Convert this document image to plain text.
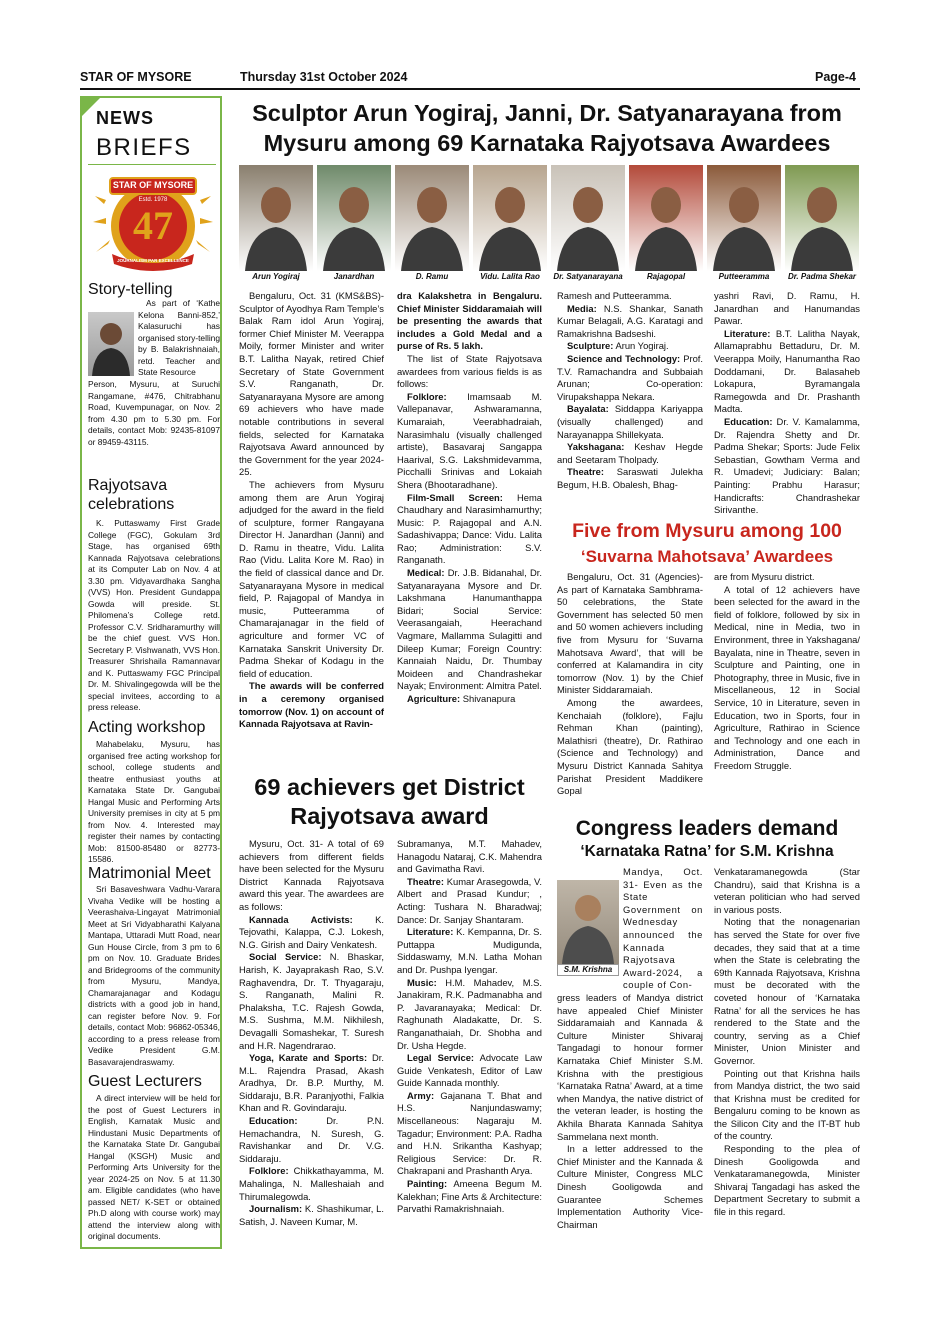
STAR OF MYSORE	Thursday 31st October 2024	Page-4
NEWS
BRIEFS
STAR OF MYSORE
Estd. 1978
47
JOURNALISM PAR EXCELLENCE
Story-telling
As part of ‘Kathe Kelona Banni-852,’ Kalasuruchi has organised story-telling by B. Balakrishnaiah, retd. Teacher and State Resource
Person, Mysuru, at Suruchi Rangamane, #476, Chitrabhanu Road, Kuvempunagar, on Nov. 2 from 4.30 pm to 5.30 pm. For details, contact Mob: 92435-81097 or 89459-43115.
Rajyotsava celebrations
K. Puttaswamy First Grade College (FGC), Gokulam 3rd Stage, has organised 69th Kannada Rajyotsava celebrations at its Computer Lab on Nov. 4 at 3.30 pm. Vidyavardhaka Sangha (VVS) Hon. President Gundappa Gowda will preside. St. Philomena’s College retd. Professor C.V. Sridharamurthy will be the chief guest. VVS Hon. Secretary P. Vishwanath, VVS Hon. Treasurer Shrishaila Ramannavar and K. Puttaswamy FGC Principal Dr. M. Shivalingegowda will be the special invitees, according to a press release.
Acting workshop
Mahabelaku, Mysuru, has organised free acting workshop for school, college students and theatre enthusiast youths at Karnataka State Dr. Gangubai Hangal Music and Performing Arts University premises in city at 5 pm from Nov. 4. Interested may register their names by contacting Mob: 81500-85480 or 82773-15586.
Matrimonial Meet
Sri Basaveshwara Vadhu-Varara Vivaha Vedike will be hosting a Veerashaiva-Lingayat Matrimonial Meet at Sri Vidyabharathi Kalyana Mantapa, Uttaradi Mutt Road, near Gun House Circle, from 3 pm to 6 pm on Nov. 10. Graduate Brides and Bridegrooms of the community from Mysuru, Mandya, Chamarajanagar and Kodagu districts with a good job in hand, can register before Nov. 9. For details, contact Mob: 96862-05346, according to a press release from Vedike President G.M. Basavarajendraswamy.
Guest Lecturers
A direct interview will be held for the post of Guest Lecturers in English, Karnatak Music and Hindustani Music Departments of the Karnataka State Dr. Gangubai Hangal (KSGH) Music and Performing Arts University for the year 2024-25 on Nov. 5 at 11.30 am. Eligible candidates (who have passed NET/ K-SET or obtained Ph.D along with course work) may attend the interview along with original documents.
Sculptor Arun Yogiraj, Janni, Dr. Satyanarayana from
Mysuru among 69 Karnataka Rajyotsava Awardees
Arun Yogiraj	Janardhan	D. Ramu	Vidu. Lalita Rao	Dr. Satyanarayana	Rajagopal	Putteeramma	Dr. Padma Shekar

Bengaluru, Oct. 31 (KMS&BS)- Sculptor of Ayodhya Ram Temple’s Balak Ram idol Arun Yogiraj, former Chief Minister M. Veerappa Moily, former Minister and writer B.T. Lalitha Nayak, retired Chief Secretary of State Government S.V. Ranganath, Dr. Satyanarayana Mysore are among 69 achievers who have made notable contributions in several fields, selected for Karnataka Rajyotsava Award announced by the Government for the year 2024-25.

The achievers from Mysuru among them are Arun Yogiraj adjudged for the award in the field of sculpture, former Rangayana Director H. Janardhan (Janni) and D. Ramu in theatre, Vidu. Lalita Rao (Vidu. Lalita Kore M. Rao) in the field of classical dance and Dr. Satyanarayana Mysore in medical field, P. Rajagopal of Mandya in music, Putteeramma of Chamarajanagar in the field of agriculture and former VC of Karnataka Sanskrit University Dr. Padma Shekar of Kodagu in the field of education.

The awards will be conferred in a ceremony organised tomorrow (Nov. 1) on account of Kannada Rajyotsava at Ravin-

dra Kalakshetra in Bengaluru. Chief Minister Siddaramaiah will be presenting the awards that includes a Gold Medal and a purse of Rs. 5 lakh.

The list of State Rajyotsava awardees from various fields is as follows:

Folklore: Imamsaab M. Vallepanavar, Ashwaramanna, Kumaraiah, Veerabhadraiah, Narasimhalu (visually challenged artiste), Basavaraj Sangappa Haarival, S.G. Lakshmidevamma, Picchalli Srinivas and Lokaiah Shera (Bhootaradhane).

Film-Small Screen: Hema Chaudhary and Narasimhamurthy; Music: P. Rajagopal and A.N. Sadashivappa; Dance: Vidu. Lalita Rao; Administration: S.V. Ranganath.

Medical: Dr. J.B. Bidanahal, Dr. Satyanarayana Mysore and Dr. Lakshmana Hanumanthappa Bidari; Social Service: Veerasangaiah, Heerachand Vagmare, Mallamma Sulagitti and Dileep Kumar; Foreign Country: Kannaiah Naidu, Dr. Thumbay Moideen and Chandrashekar Nayak; Environment: Almitra Patel.

Agriculture: Shivanapura

Ramesh and Putteeramma.

Media: N.S. Shankar, Sanath Kumar Belagali, A.G. Karatagi and Ramakrishna Badseshi.

Sculpture: Arun Yogiraj.

Science and Technology: Prof. T.V. Ramachandra and Subbaiah Arunan; Co-operation: Virupakshappa Nekara.

Bayalata: Siddappa Kariyappa (visually challenged) and Narayanappa Shillekyata.

Yakshagana: Keshav Hegde and Seetaram Tholpady.

Theatre: Saraswati Julekha Begum, H.B. Obalesh, Bhag-

yashri Ravi, D. Ramu, H. Janardhan and Hanumandas Pawar.

Literature: B.T. Lalitha Nayak, Allamaprabhu Bettaduru, Dr. M. Veerappa Moily, Hanumantha Rao Doddamani, Dr. Balasaheb Lokapura, Byramangala Ramegowda and Dr. Prashanth Madta.

Education: Dr. V. Kamalamma, Dr. Rajendra Shetty and Dr. Padma Shekar; Sports: Jude Felix Sebastian, Gowtham Verma and R. Umadevi; Judiciary: Balan; Painting: Prabhu Harasur; Handicrafts: Chandrashekar Sirivanthe.

Five from Mysuru among 100
‘Suvarna Mahotsava’ Awardees

Bengaluru, Oct. 31 (Agencies)- As part of Karnataka Sambhrama-50 celebrations, the State Government has selected 50 men and 50 women achievers including five from Mysuru for ‘Suvarna Mahotsava Award’, that will be conferred at Kalamandira in city tomorrow (Nov. 1) by the Chief Minister Siddaramaiah.

Among the awardees, Kenchaiah (folklore), Fajlu Rehman Khan (painting), Malathisri (theatre), Dr. Rathirao (Science and Technology) and Mysuru District Kannada Sahitya Parishat President Maddikere Gopal

are from Mysuru district.

A total of 12 achievers have been selected for the award in the field of folklore, followed by six in Medical, nine in Media, two in Environment, three in Yakshagana/ Bayalata, nine in Theatre, seven in Sculpture and Painting, one in Photography, three in Music, five in Miscellaneous, 12 in Social Service, 10 in Literature, seven in Education, two in Sports, four in Agriculture, Rathirao in Science and Technology and one each in Administration, Dance and Freedom Struggle.

69 achievers get District
Rajyotsava award

Mysuru, Oct. 31- A total of 69 achievers from different fields have been selected for the Mysuru District Kannada Rajyotsava award this year. The awardees are as follows:

Kannada Activists: K. Tejovathi, Kalappa, C.J. Lokesh, N.G. Girish and Dairy Venkatesh.

Social Service: N. Bhaskar, Harish, K. Jayaprakash Rao, S.V. Raghavendra, Dr. T. Thyagaraju, S. Ranganath, Malini R. Phalaksha, T.C. Rajesh Gowda, M.S. Sushma, M.M. Nikhilesh, Devagalli Somashekar, T. Suresh and H.R. Nagendrarao.

Yoga, Karate and Sports: Dr. M.L. Rajendra Prasad, Akash Aradhya, Dr. B.P. Murthy, M. Siddaraju, B.R. Paranjyothi, Falkia Khan and R. Govindaraju.

Education: Dr. P.N. Hemachandra, N. Suresh, G. Ravishankar and Dr. V.G. Siddaraju.

Folklore: Chikkathayamma, M. Mahalinga, N. Malleshaiah and Thirumalegowda.

Journalism: K. Shashikumar, L. Satish, J. Naveen Kumar, M.

Subramanya, M.T. Mahadev, Hanagodu Nataraj, C.K. Mahendra and Gavimatha Ravi.

Theatre: Kumar Arasegowda, V. Albert and Prasad Kundur; , Acting: Tushara N. Bharadwaj; Dance: Dr. Sanjay Shantaram.

Literature: K. Kempanna, Dr. S. Puttappa Mudigunda, Siddaswamy, M.N. Latha Mohan and Dr. Pushpa Iyengar.

Music: H.M. Mahadev, M.S. Janakiram, R.K. Padmanabha and P. Javaranayaka; Medical: Dr. Raghunath Aladakatte, Dr. S. Ranganathaiah, Dr. Shobha and Dr. Usha Hegde.

Legal Service: Advocate Law Guide Venkatesh, Editor of Law Guide Kannada monthly.

Army: Gajanana T. Bhat and H.S. Nanjundaswamy; Miscellaneous: Nagaraju M. Tagadur; Environment: P.A. Radha and H.N. Srikantha Kashyap; Religious Service: Dr. R. Chakrapani and Prashanth Arya.

Painting: Ameena Begum M. Kalekhan; Fine Arts & Architecture: Parvathi Ramakrishnaiah.

Congress leaders demand
‘Karnataka Ratna’ for S.M. Krishna
S.M. Krishna

Mandya, Oct. 31- Even as the State Government on Wednesday announced the Kannada Rajyotsava Award-2024, a couple of Con-

gress leaders of Mandya district have appealed Chief Minister Siddaramaiah and Kannada & Culture Minister Shivaraj Tangadagi to honour former Karnataka Chief Minister S.M. Krishna with the prestigious ‘Karnataka Ratna’ Award, at a time when Mandya, the native district of the veteran leader, is hosting the Akhila Bharata Kannada Sahitya Sammelana next month.

In a letter addressed to the Chief Minister and the Kannada & Culture Minister, Congress MLC Dinesh Gooligowda and Guarantee Schemes Implementation Authority Vice-Chairman

Venkataramanegowda (Star Chandru), said that Krishna is a veteran politician who had served in various posts.

Noting that the nonagenarian has served the State for over five decades, they said that at a time when the State is celebrating the 69th Kannada Rajyotsava, Krishna must be decorated with the coveted honour of ‘Karnataka Ratna’ for all the services he has rendered to the State and the country, serving as a Chief Minister, Union Minister and Governor.

Pointing out that Krishna hails from Mandya district, the two said that Krishna must be credited for Bengaluru coming to be known as the Silicon City and the IT-BT hub of the country.

Responding to the plea of Dinesh Gooligowda and Venkataramanegowda, Minister Shivaraj Tangadagi has asked the Department Secretary to submit a file in this regard.
